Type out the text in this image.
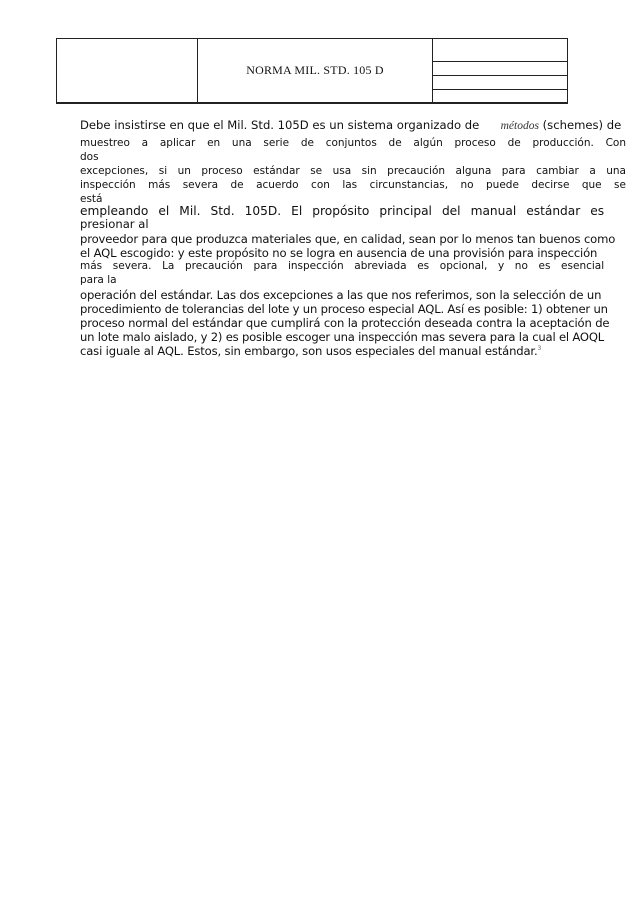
NORMA MIL. STD. 105 D
Debe insistirse en que el Mil. Std. 105D es un sistema organizado de métodos (schemes) de
muestreo a aplicar en una serie de conjuntos de algún proceso de producción. Con
dos
excepciones, si un proceso estándar se usa sin precaución alguna para cambiar a una
inspección más severa de acuerdo con las circunstancias, no puede decirse que se
está
empleando el Mil. Std. 105D. El propósito principal del manual estándar es
presionar al
proveedor para que produzca materiales que, en calidad, sean por lo menos tan buenos como
el AQL escogido: y este propósito no se logra en ausencia de una provisión para inspección
más severa. La precaución para inspección abreviada es opcional, y no es esencial
para la
operación del estándar. Las dos excepciones a las que nos referimos, son la selección de un
procedimiento de tolerancias del lote y un proceso especial AQL. Así es posible: 1) obtener un
proceso normal del estándar que cumplirá con la protección deseada contra la aceptación de
un lote malo aislado, y 2) es posible escoger una inspección mas severa para la cual el AOQL
casi iguale al AQL. Estos, sin embargo, son usos especiales del manual estándar.$^3$
